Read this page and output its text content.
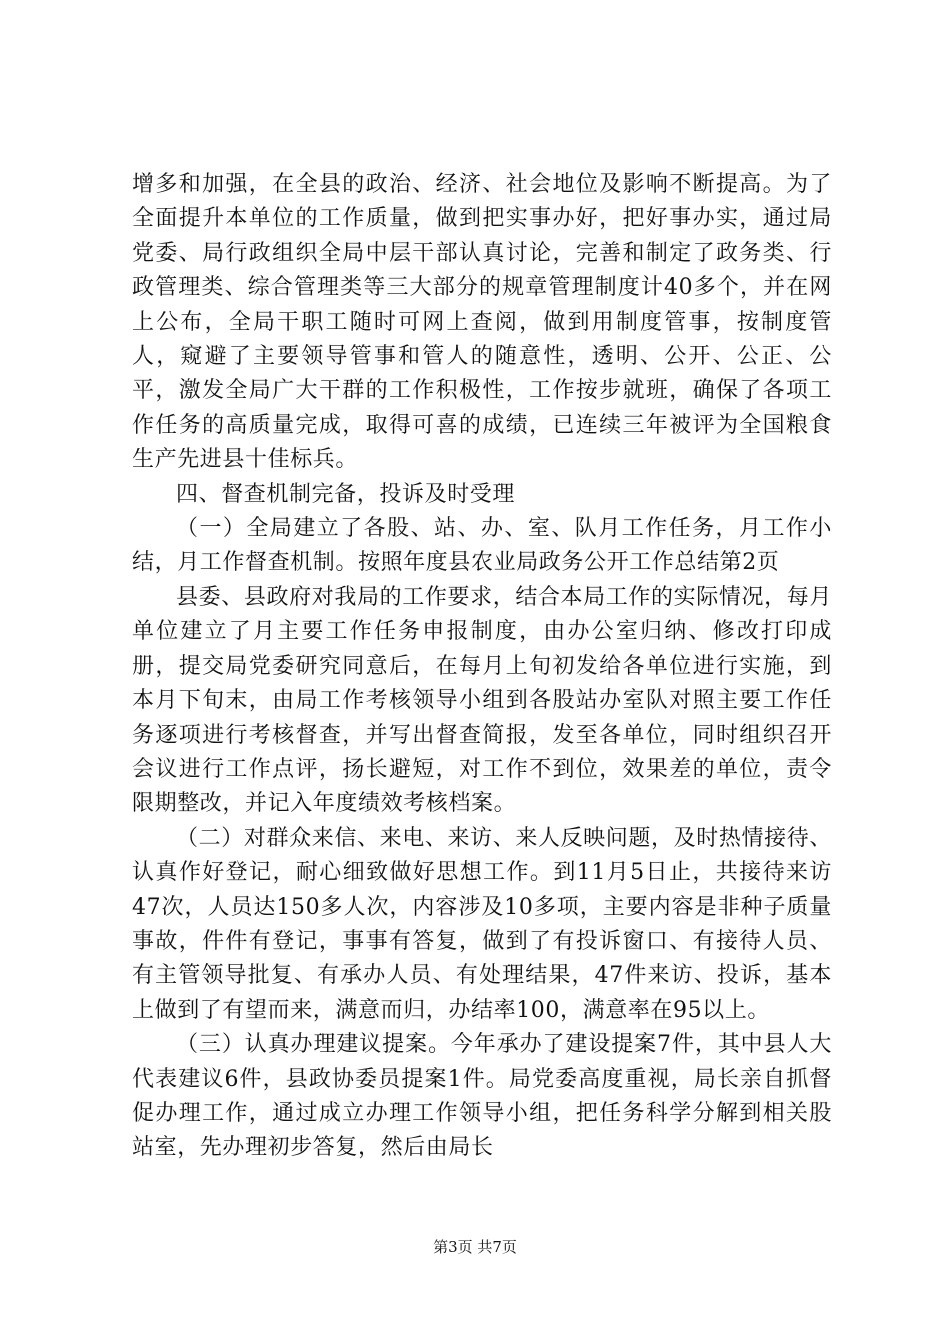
增多和加强，在全县的政治、经济、社会地位及影响不断提高。为了全面提升本单位的工作质量，做到把实事办好，把好事办实，通过局党委、局行政组织全局中层干部认真讨论，完善和制定了政务类、行政管理类、综合管理类等三大部分的规章管理制度计40多个，并在网上公布，全局干职工随时可网上查阅，做到用制度管事，按制度管人，窥避了主要领导管事和管人的随意性，透明、公开、公正、公平，激发全局广大干群的工作积极性，工作按步就班，确保了各项工作任务的高质量完成，取得可喜的成绩，已连续三年被评为全国粮食生产先进县十佳标兵。

四、督查机制完备，投诉及时受理

（一）全局建立了各股、站、办、室、队月工作任务，月工作小结，月工作督查机制。按照年度县农业局政务公开工作总结第2页

县委、县政府对我局的工作要求，结合本局工作的实际情况，每月单位建立了月主要工作任务申报制度，由办公室归纳、修改打印成册，提交局党委研究同意后，在每月上旬初发给各单位进行实施，到本月下旬末，由局工作考核领导小组到各股站办室队对照主要工作任务逐项进行考核督查，并写出督查简报，发至各单位，同时组织召开会议进行工作点评，扬长避短，对工作不到位，效果差的单位，责令限期整改，并记入年度绩效考核档案。

（二）对群众来信、来电、来访、来人反映问题，及时热情接待、认真作好登记，耐心细致做好思想工作。到11月5日止，共接待来访47次，人员达150多人次，内容涉及10多项，主要内容是非种子质量事故，件件有登记，事事有答复，做到了有投诉窗口、有接待人员、有主管领导批复、有承办人员、有处理结果，47件来访、投诉，基本上做到了有望而来，满意而归，办结率100，满意率在95以上。

（三）认真办理建议提案。今年承办了建设提案7件，其中县人大代表建议6件，县政协委员提案1件。局党委高度重视，局长亲自抓督促办理工作，通过成立办理工作领导小组，把任务科学分解到相关股站室，先办理初步答复，然后由局长

第3页 共7页
